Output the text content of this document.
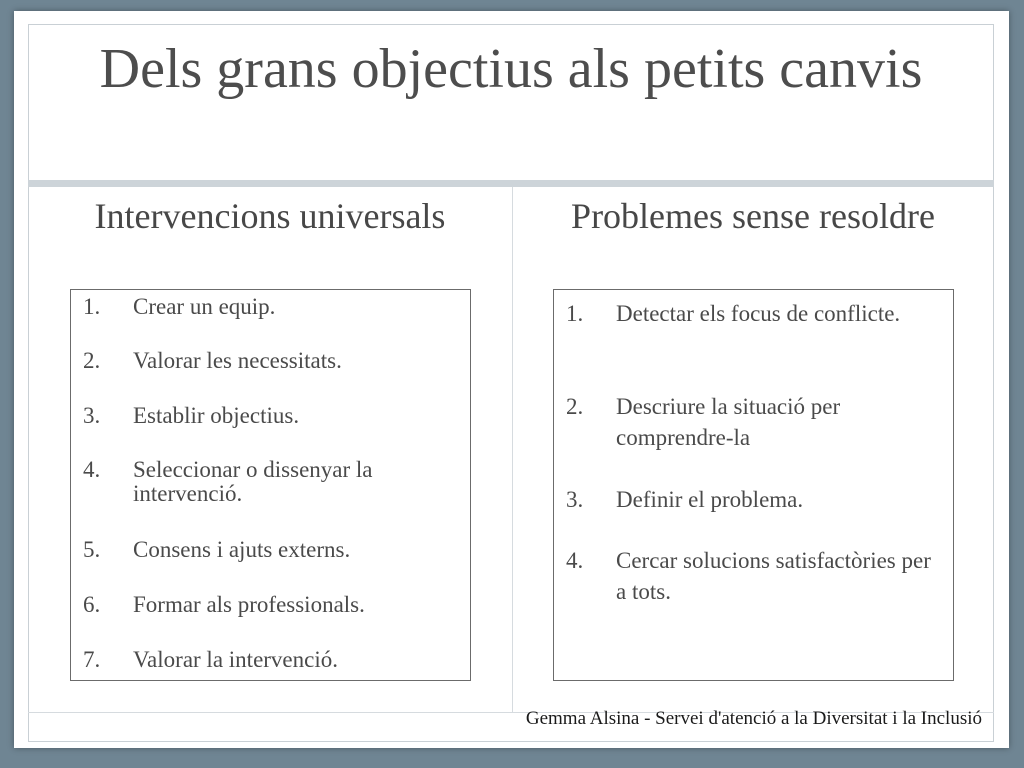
Dels grans objectius als petits canvis
Intervencions universals	Problemes sense resoldre
1.	Crear un equip.
2.	Valorar les necessitats.
3.	Establir objectius.
4.	Seleccionar o dissenyar la intervenció.
5.	Consens i ajuts externs.
6.	Formar als professionals.
7.	Valorar la intervenció.
1.	Detectar els focus de conflicte.
2.	Descriure la situació per comprendre-la
3.	Definir el problema.
4.	Cercar solucions satisfactòries per a tots.
Gemma Alsina - Servei d'atenció a la Diversitat i la Inclusió
